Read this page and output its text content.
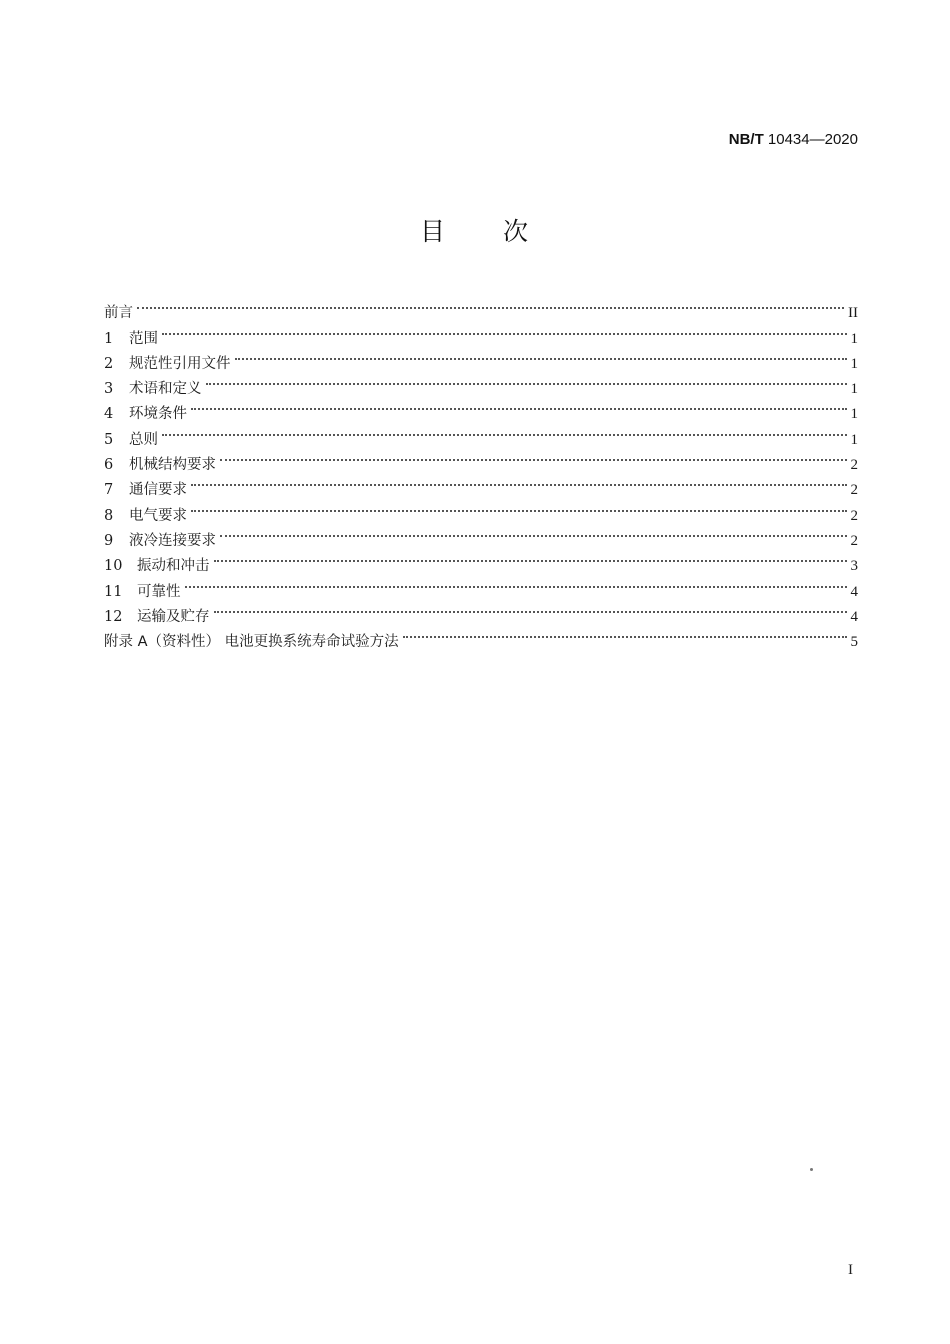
NB/T 10434—2020
目 次
前言	II
1	范围	1
2	规范性引用文件	1
3	术语和定义	1
4	环境条件	1
5	总则	1
6	机械结构要求	2
7	通信要求	2
8	电气要求	2
9	液冷连接要求	2
10	振动和冲击	3
11	可靠性	4
12	运输及贮存	4
附录 A（资料性） 电池更换系统寿命试验方法	5
I
